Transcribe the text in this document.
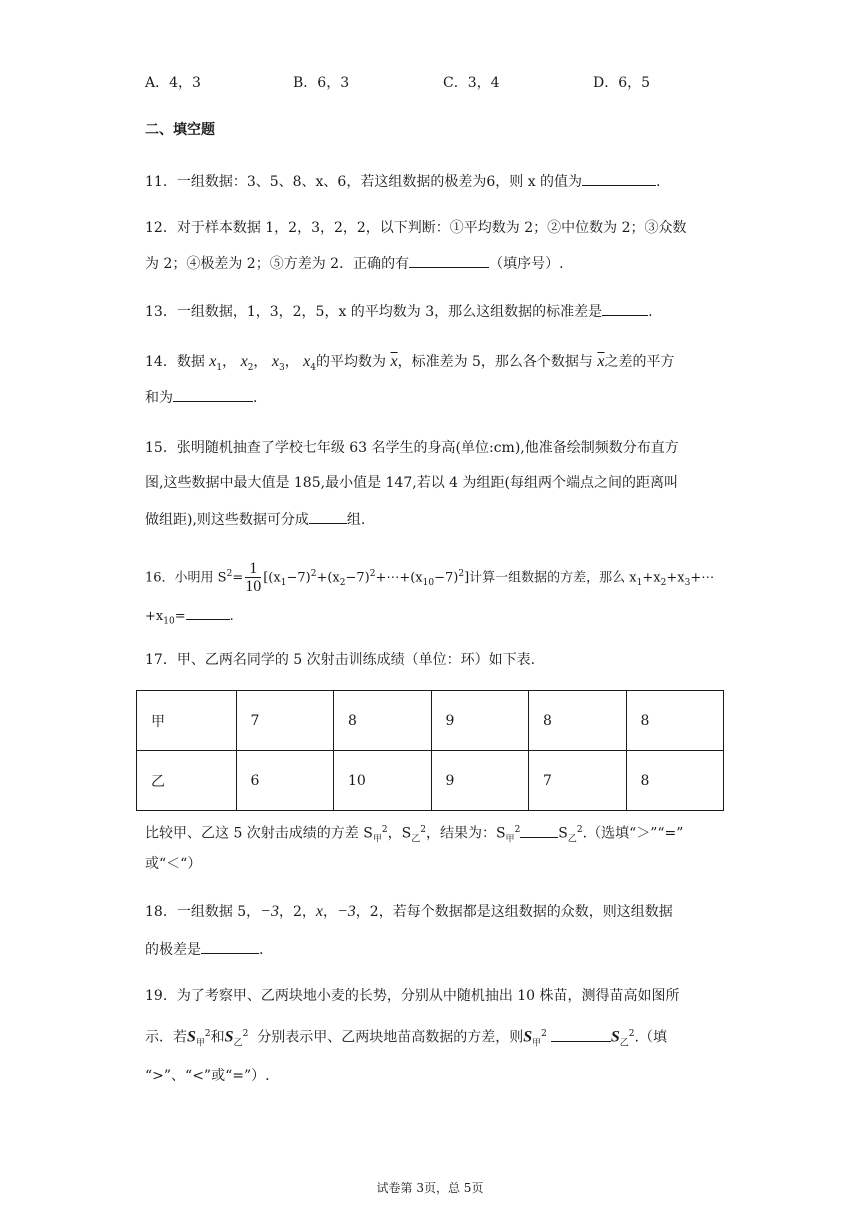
A．4，3	B．6，3	C．3，4	D．6，5
二、填空题
11．一组数据：3、5、8、x、6，若这组数据的极差为6，则 x 的值为	.
12．对于样本数据 1，2，3，2，2，以下判断：①平均数为 2；②中位数为 2；③众数
为 2；④极差为 2；⑤方差为 2．正确的有	（填序号）.
13．一组数据，1，3，2，5，x 的平均数为 3，那么这组数据的标准差是	.
14．数据 $x_1$， $x_2$， $x_3$， $x_4$的平均数为 $\overline{x}$，标准差为 5，那么各个数据与 $\overline{x}$之差的平方
和为	.
15．张明随机抽查了学校七年级 63 名学生的身高(单位:cm),他准备绘制频数分布直方
图,这些数据中最大值是 185,最小值是 147,若以 4 为组距(每组两个端点之间的距离叫
做组距),则这些数据可分成	组.
16．小明用 $S^2= \frac{1}{10}$ $[(x_1-7)^2+(x_2-7)^2+\cdots+(x_{10}-7)^2]$计算一组数据的方差，那么 $x_1+x_2+x_3+\cdots$
$+x_{10}=$	.
17．甲、乙两名同学的 5 次射击训练成绩（单位：环）如下表.
甲	7	8	9	8	8
乙	6	10	9	7	8
比较甲、乙这 5 次射击成绩的方差 $S_甲^2$，$S_乙^2$，结果为：$S_甲^2$	$S_乙^2$.（选填“＞”“=”
或“＜“）
18．一组数据 5，−3，2，x，−3，2，若每个数据都是这组数据的众数，则这组数据
的极差是	.
19．为了考察甲、乙两块地小麦的长势，分别从中随机抽出 10 株苗，测得苗高如图所
示．若$S_甲^2$和$S_乙^2$ 分别表示甲、乙两块地苗高数据的方差，则$S_甲^2$	$S_乙^2$.（填
“>”、“<”或“=”）.
试卷第 3页，总 5页
